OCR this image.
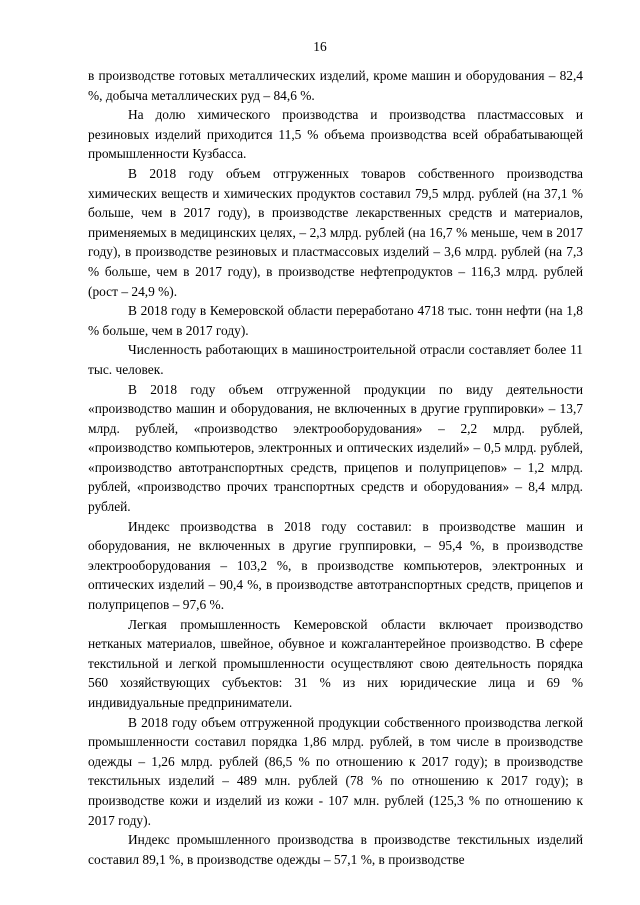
16

в производстве готовых металлических изделий, кроме машин и оборудования – 82,4 %, добыча металлических руд – 84,6 %.

На долю химического производства и производства пластмассовых и резиновых изделий приходится 11,5 % объема производства всей обрабатывающей промышленности Кузбасса.

В 2018 году объем отгруженных товаров собственного производства химических веществ и химических продуктов составил 79,5 млрд. рублей (на 37,1 % больше, чем в 2017 году), в производстве лекарственных средств и материалов, применяемых в медицинских целях, – 2,3 млрд. рублей (на 16,7 % меньше, чем в 2017 году), в производстве резиновых и пластмассовых изделий – 3,6 млрд. рублей (на 7,3 % больше, чем в 2017 году), в производстве нефтепродуктов – 116,3 млрд. рублей (рост – 24,9 %).

В 2018 году в Кемеровской области переработано 4718 тыс. тонн нефти (на 1,8 % больше, чем в 2017 году).

Численность работающих в машиностроительной отрасли составляет более 11 тыс. человек.

В 2018 году объем отгруженной продукции по виду деятельности «производство машин и оборудования, не включенных в другие группировки» – 13,7 млрд. рублей, «производство электрооборудования» – 2,2 млрд. рублей, «производство компьютеров, электронных и оптических изделий» – 0,5 млрд. рублей, «производство автотранспортных средств, прицепов и полуприцепов» – 1,2 млрд. рублей, «производство прочих транспортных средств и оборудования» – 8,4 млрд. рублей.

Индекс производства в 2018 году составил: в производстве машин и оборудования, не включенных в другие группировки, – 95,4 %, в производстве электрооборудования – 103,2 %, в производстве компьютеров, электронных и оптических изделий – 90,4 %, в производстве автотранспортных средств, прицепов и полуприцепов – 97,6 %.

Легкая промышленность Кемеровской области включает производство нетканых материалов, швейное, обувное и кожгалантерейное производство. В сфере текстильной и легкой промышленности осуществляют свою деятельность порядка 560 хозяйствующих субъектов: 31 % из них юридические лица и 69 % индивидуальные предприниматели.

В 2018 году объем отгруженной продукции собственного производства легкой промышленности составил порядка 1,86 млрд. рублей, в том числе в производстве одежды – 1,26 млрд. рублей (86,5 % по отношению к 2017 году); в производстве текстильных изделий – 489 млн. рублей (78 % по отношению к 2017 году); в производстве кожи и изделий из кожи - 107 млн. рублей (125,3 % по отношению к 2017 году).

Индекс промышленного производства в производстве текстильных изделий составил 89,1 %, в производстве одежды – 57,1 %, в производстве
